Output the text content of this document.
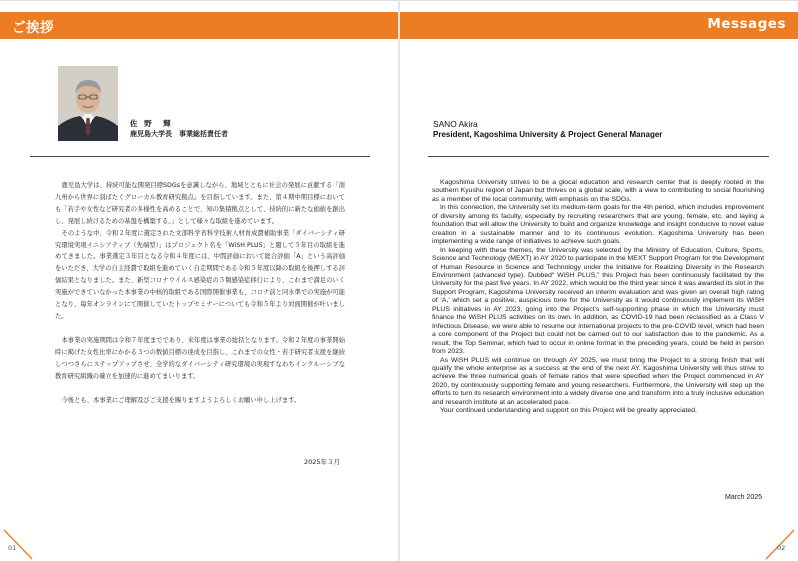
ご挨拶
佐 野　輝
鹿児島大学長　事業総括責任者

鹿児島大学は、持続可能な開発目標SDGsを意識しながら、地域とともに社会の発展に貢献する「南九州から世界に羽ばたくグローカル教育研究拠点」を目指しています。また、第４期中期目標においても「若手や女性など研究者の多様性を高めることで、知の集積拠点として、持続的に新たな価値を創出し、発展し続けるための基盤を構築する。」として様々な取組を進めています。

そのような中、令和２年度に選定された文部科学省科学技術人材育成費補助事業「ダイバーシティ研究環境実現イニシアティブ（先端型）」はプロジェクト名を「WiSH PLUS」と題して５年目の取組を進めてきました。事業選定３年目となる令和４年度には、中間評価において総合評価「A」という高評価をいただき、大学の自主経費で取組を進めていく自走期間である令和５年度以降の取組を後押しする評価結果となりました。また、新型コロナウイルス感染症の５類感染症移行により、これまで満足のいく実施ができていなかった本事業の中核的取組である国際開催事業も、コロナ前と同水準での実施が可能となり、毎年オンラインにて開催していたトップセミナーについても令和５年より対面開催が叶いました。

本事業の実施期間は令和７年度までであり、来年度は事業の総括となります。令和２年度の事業開始時に掲げた女性比率にかかる３つの数値目標の達成を目指し、これまでの女性・若手研究者支援を継続しつつさらにステップアップさせ、全学的なダイバーシティ研究環境の実現すなわちインクルーシブな教育研究組織の確立を加速的に進めてまいります。

今後とも、本事業にご理解及びご支援を賜りますようよろしくお願い申し上げます。

2025年３月
01
Messages
SANO Akira
President, Kagoshima University & Project General Manager

Kagoshima University strives to be a glocal education and research center that is deeply rooted in the southern Kyushu region of Japan but thrives on a global scale, with a view to contributing to social flourishing as a member of the local community, with emphasis on the SDGs.

In this connection, the University set its medium-term goals for the 4th period, which includes improvement of diversity among its faculty, especially by recruiting researchers that are young, female, etc. and laying a foundation that will allow the University to build and organize knowledge and insight conducive to novel value creation in a sustainable manner and to its continuous evolution. Kagoshima University has been implementing a wide range of initiatives to achieve such goals.

In keeping with these themes, the University was selected by the Ministry of Education, Culture, Sports, Science and Technology (MEXT) in AY 2020 to participate in the MEXT Support Program for the Development of Human Resource in Science and Technology under the Initiative for Realizing Diversity in the Research Environment (advanced type). Dubbed“ WiSH PLUS,” this Project has been continuously facilitated by the University for the past five years. In AY 2022, which would be the third year since it was awarded its slot in the Support Program, Kagoshima University received an interim evaluation and was given an overall high rating of ‘A,’ which set a positive, auspicious tone for the University as it would continuously implement its WiSH PLUS initiatives in AY 2023, going into the Project’s self-supporting phase in which the University must finance the WiSH PLUS activities on its own. In addition, as COVID-19 had been reclassified as a Class V Infectious Disease, we were able to resume our international projects to the pre-COVID level, which had been a core component of the Project but could not be carried out to our satisfaction due to the pandemic. As a result, the Top Seminar, which had to occur in online format in the preceding years, could be held in person from 2023.

As WiSH PLUS will continue on through AY 2025, we must bring the Project to a strong finish that will qualify the whole enterprise as a success at the end of the next AY. Kagoshima University will thus strive to achieve the three numerical goals of female ratios that were specified when the Project commenced in AY 2020, by continuously supporting female and young researchers. Furthermore, the University will step up the efforts to turn its research environment into a widely diverse one and transform into a truly inclusive education and research institute at an accelerated pace.

Your continued understanding and support on this Project will be greatly appreciated.

March 2025
02
